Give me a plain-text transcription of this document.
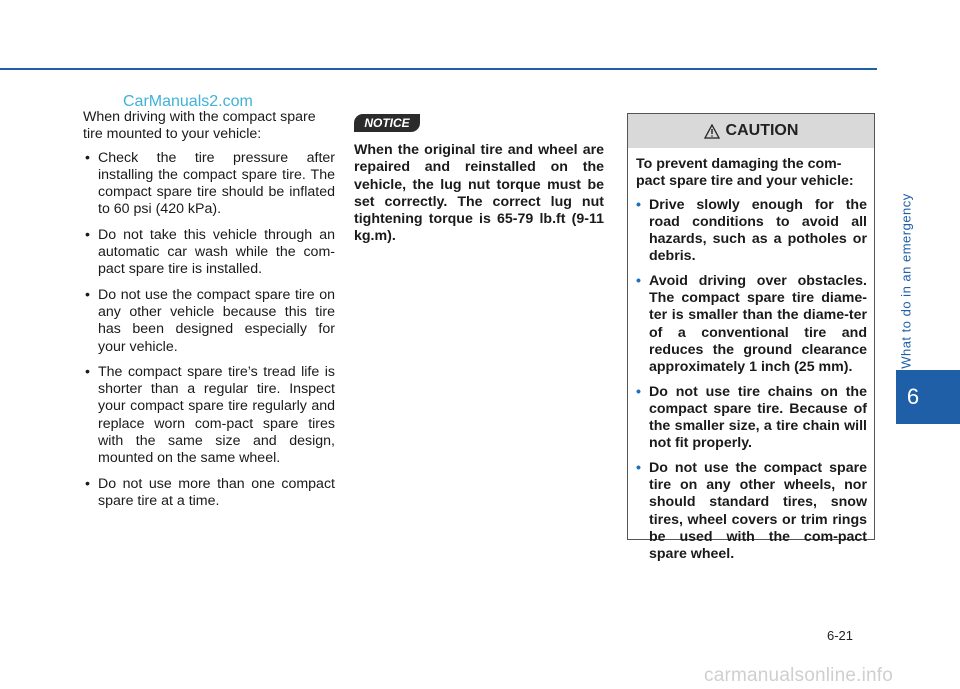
CarManuals2.com

When driving with the compact spare tire mounted to your vehicle:

• Check the tire pressure after installing the compact spare tire. The compact spare tire should be inflated to 60 psi (420 kPa).
• Do not take this vehicle through an automatic car wash while the com-pact spare tire is installed.
• Do not use the compact spare tire on any other vehicle because this tire has been designed especially for your vehicle.
• The compact spare tire’s tread life is shorter than a regular tire. Inspect your compact spare tire regularly and replace worn com-pact spare tires with the same size and design, mounted on the same wheel.
• Do not use more than one compact spare tire at a time.
NOTICE

When the original tire and wheel are repaired and reinstalled on the vehicle, the lug nut torque must be set correctly. The correct lug nut tightening torque is 65-79 lb.ft (9-11 kg.m).

CAUTION

To prevent damaging the com-pact spare tire and your vehicle:

• Drive slowly enough for the road conditions to avoid all hazards, such as a potholes or debris.
• Avoid driving over obstacles. The compact spare tire diame-ter is smaller than the diame-ter of a conventional tire and reduces the ground clearance approximately 1 inch (25 mm).
• Do not use tire chains on the compact spare tire. Because of the smaller size, a tire chain will not fit properly.
• Do not use the compact spare tire on any other wheels, nor should standard tires, snow tires, wheel covers or trim rings be used with the com-pact spare wheel.
What to do in an emergency
6
6-21
carmanualsonline.info
